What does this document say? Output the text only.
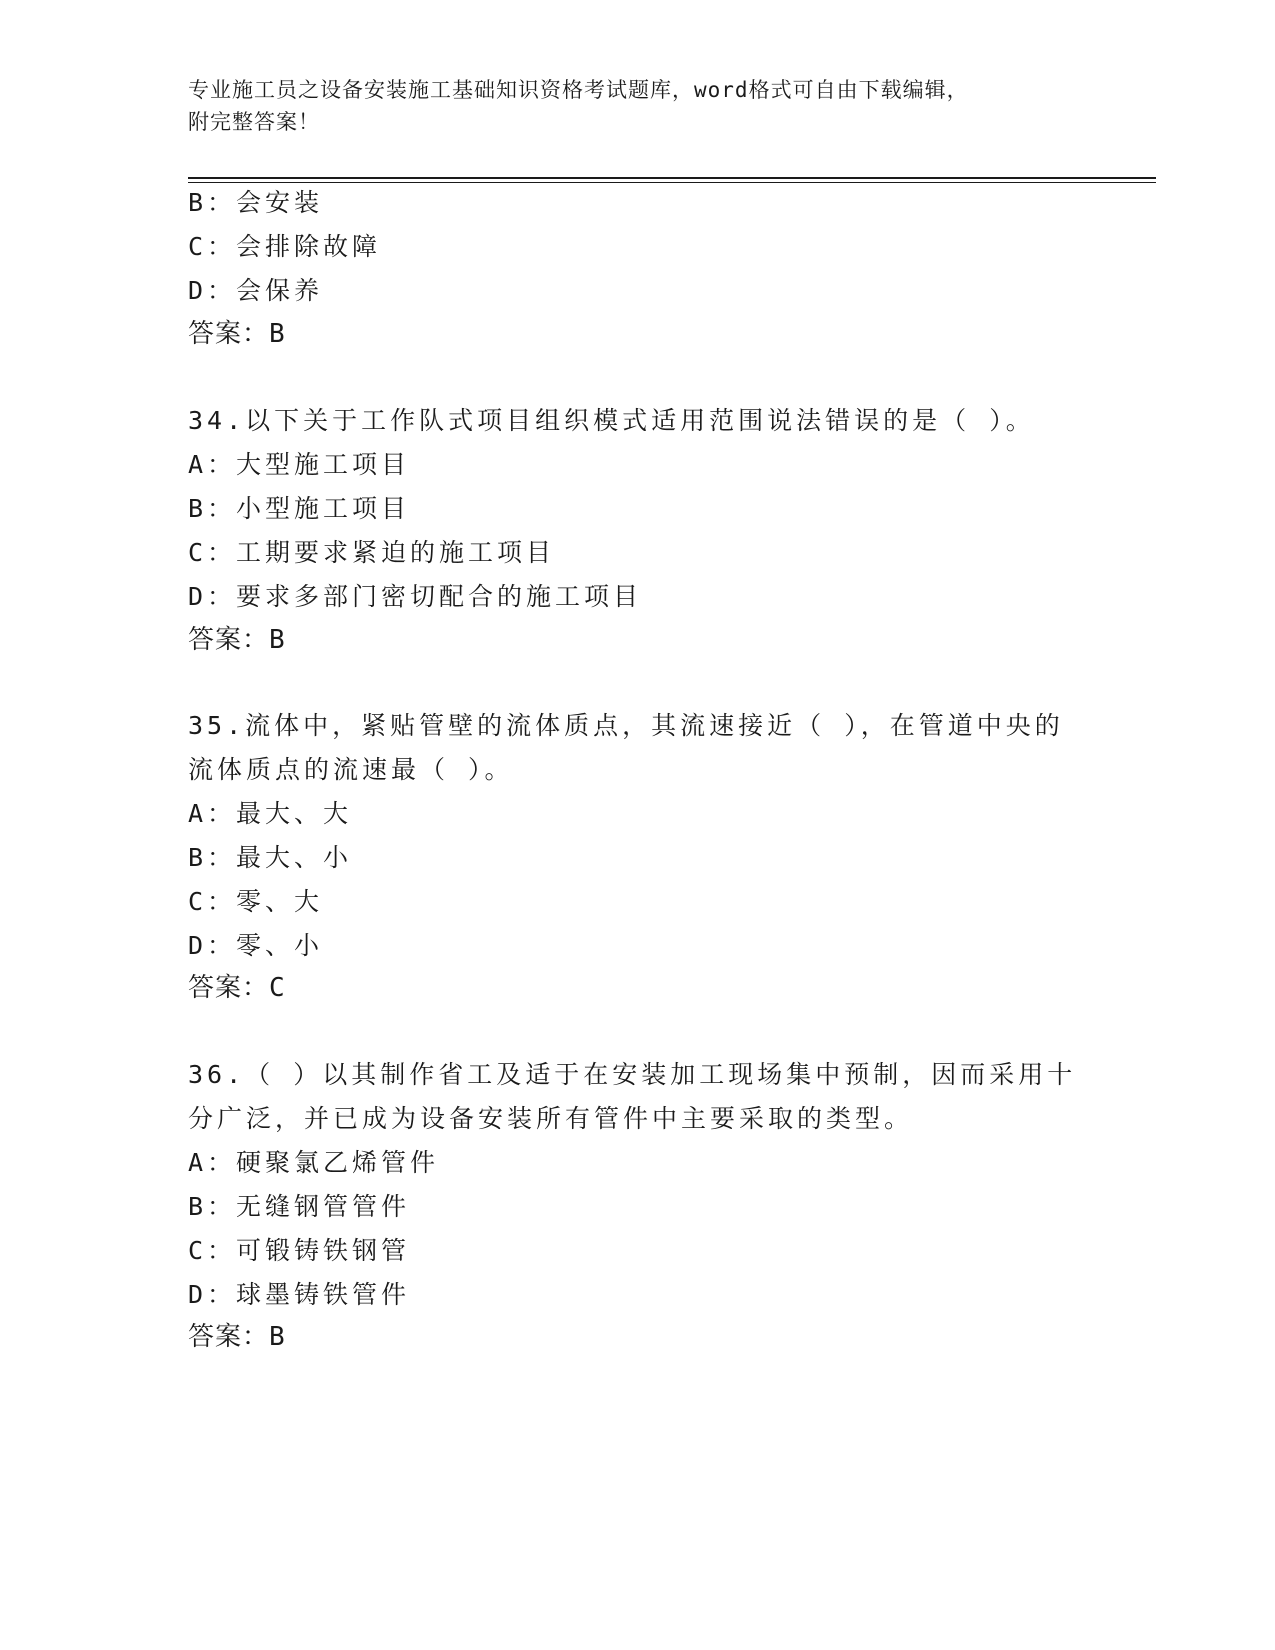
专业施工员之设备安装施工基础知识资格考试题库，word格式可自由下载编辑，
附完整答案！
B：会安装
C：会排除故障
D：会保养
答案：B
34.以下关于工作队式项目组织模式适用范围说法错误的是（ ）。
A：大型施工项目
B：小型施工项目
C：工期要求紧迫的施工项目
D：要求多部门密切配合的施工项目
答案：B
35.流体中，紧贴管壁的流体质点，其流速接近（ ），在管道中央的
流体质点的流速最（ ）。
A：最大、大
B：最大、小
C：零、大
D：零、小
答案：C
36.（ ）以其制作省工及适于在安装加工现场集中预制，因而采用十
分广泛，并已成为设备安装所有管件中主要采取的类型。
A：硬聚氯乙烯管件
B：无缝钢管管件
C：可锻铸铁钢管
D：球墨铸铁管件
答案：B
